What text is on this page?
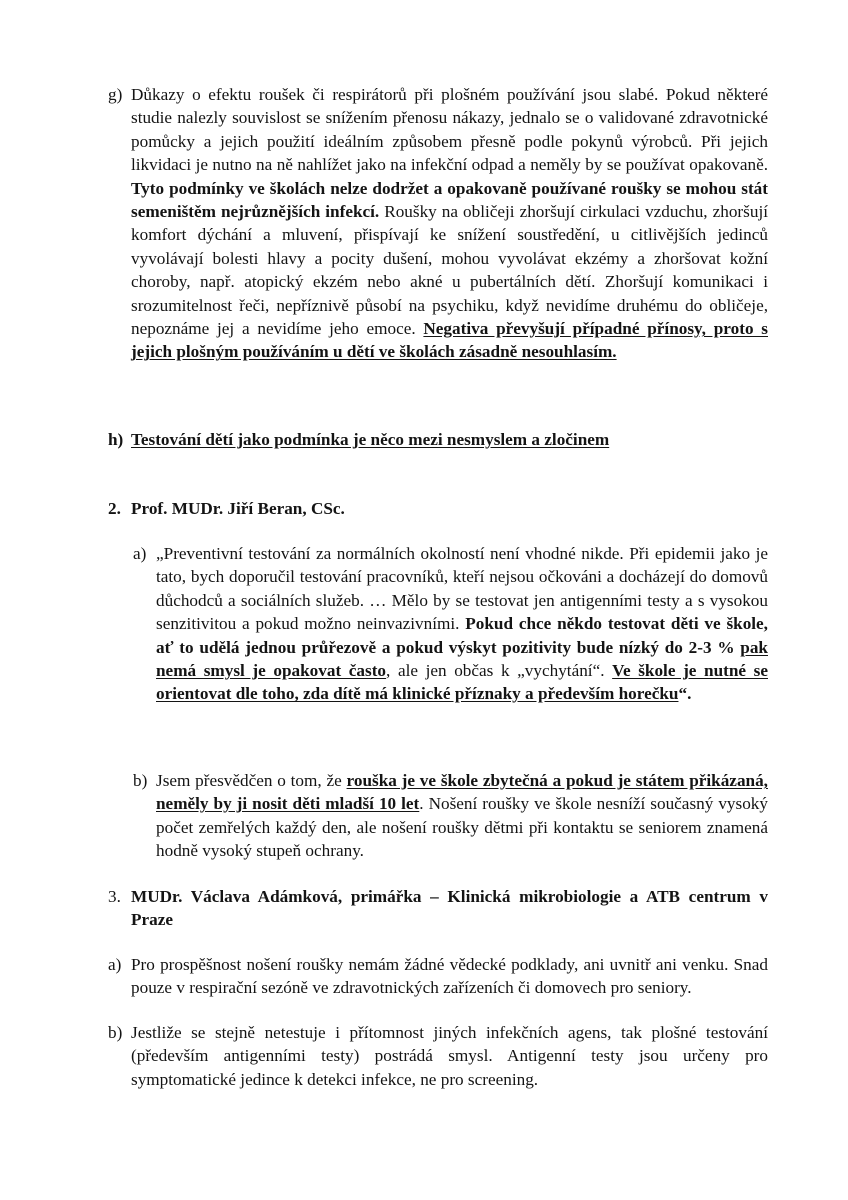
g) Důkazy o efektu roušek či respirátorů při plošném používání jsou slabé. Pokud některé studie nalezly souvislost se snížením přenosu nákazy, jednalo se o validované zdravotnické pomůcky a jejich použití ideálním způsobem přesně podle pokynů výrobců. Při jejich likvidaci je nutno na ně nahlížet jako na infekční odpad a neměly by se používat opakovaně. Tyto podmínky ve školách nelze dodržet a opakovaně používané roušky se mohou stát semeništěm nejrůznějších infekcí. Roušky na obličeji zhoršují cirkulaci vzduchu, zhoršují komfort dýchání a mluvení, přispívají ke snížení soustředění, u citlivějších jedinců vyvolávají bolesti hlavy a pocity dušení, mohou vyvolávat ekzémy a zhoršovat kožní choroby, např. atopický ekzém nebo akné u pubertálních dětí. Zhoršují komunikaci i srozumitelnost řeči, nepříznivě působí na psychiku, když nevidíme druhému do obličeje, nepoznáme jej a nevidíme jeho emoce. Negativa převyšují případné přínosy, proto s jejich plošným používáním u dětí ve školách zásadně nesouhlasím.
h) Testování dětí jako podmínka je něco mezi nesmyslem a zločinem
2. Prof. MUDr. Jiří Beran, CSc.
a) „Preventivní testování za normálních okolností není vhodné nikde. Při epidemii jako je tato, bych doporučil testování pracovníků, kteří nejsou očkováni a docházejí do domovů důchodců a sociálních služeb. … Mělo by se testovat jen antigenními testy a s vysokou senzitivitou a pokud možno neinvazivními. Pokud chce někdo testovat děti ve škole, ať to udělá jednou průřezově a pokud výskyt pozitivity bude nízký do 2-3 % pak nemá smysl je opakovat často, ale jen občas k „vychytání“. Ve škole je nutné se orientovat dle toho, zda dítě má klinické příznaky a především horečku“.
b) Jsem přesvědčen o tom, že rouška je ve škole zbytečná a pokud je státem přikázaná, neměly by ji nosit děti mladší 10 let. Nošení roušky ve škole nesníží současný vysoký počet zemřelých každý den, ale nošení roušky dětmi při kontaktu se seniorem znamená hodně vysoký stupeň ochrany.
3. MUDr. Václava Adámková, primářka – Klinická mikrobiologie a ATB centrum v Praze
a) Pro prospěšnost nošení roušky nemám žádné vědecké podklady, ani uvnitř ani venku. Snad pouze v respirační sezóně ve zdravotnických zařízeních či domovech pro seniory.
b) Jestliže se stejně netestuje i přítomnost jiných infekčních agens, tak plošné testování (především antigenními testy) postrádá smysl. Antigenní testy jsou určeny pro symptomatické jedince k detekci infekce, ne pro screening.
